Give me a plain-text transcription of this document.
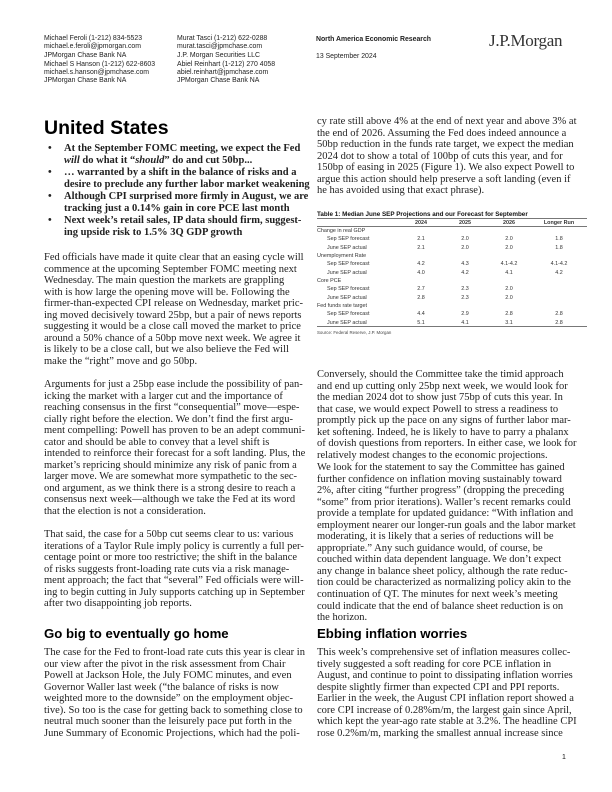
Michael Feroli (1-212) 834-5523
michael.e.feroli@jpmorgan.com
JPMorgan Chase Bank NA
Michael S Hanson (1-212) 622-8603
michael.s.hanson@jpmchase.com
JPMorgan Chase Bank NA
Murat Tasci (1-212) 622-0288
murat.tasci@jpmchase.com
J.P. Morgan Securities LLC
Abiel Reinhart (1-212) 270 4058
abiel.reinhart@jpmchase.com
JPMorgan Chase Bank NA
North America Economic Research
13 September 2024
J.P.Morgan
United States
• At the September FOMC meeting, we expect the Fed
will do what it “should” do and cut 50bp...
• … warranted by a shift in the balance of risks and a
desire to preclude any further labor market weakening
• Although CPI surprised more firmly in August, we are
tracking just a 0.14% gain in core PCE last month
• Next week’s retail sales, IP data should firm, suggest-
ing upside risk to 1.5% 3Q GDP growth
Fed officials have made it quite clear that an easing cycle will
commence at the upcoming September FOMC meeting next
Wednesday. The main question the markets are grappling
with is how large the opening move will be. Following the
firmer-than-expected CPI release on Wednesday, market pric-
ing moved decisively toward 25bp, but a pair of news reports
suggesting it would be a close call moved the market to price
around a 50% chance of a 50bp move next week. We agree it
is likely to be a close call, but we also believe the Fed will
make the “right” move and go 50bp.
Arguments for just a 25bp ease include the possibility of pan-
icking the market with a larger cut and the importance of
reaching consensus in the first “consequential” move—espe-
cially right before the election. We don’t find the first argu-
ment compelling: Powell has proven to be an adept communi-
cator and should be able to convey that a level shift is
intended to reinforce their forecast for a soft landing. Plus, the
market’s repricing should minimize any risk of panic from a
larger move. We are somewhat more sympathetic to the sec-
ond argument, as we think there is a strong desire to reach a
consensus next week—although we take the Fed at its word
that the election is not a consideration.
That said, the case for a 50bp cut seems clear to us: various
iterations of a Taylor Rule imply policy is currently a full per-
centage point or more too restrictive; the shift in the balance
of risks suggests front-loading rate cuts via a risk manage-
ment approach; the fact that “several” Fed officials were will-
ing to begin cutting in July supports catching up in September
after two disappointing job reports.
Go big to eventually go home
The case for the Fed to front-load rate cuts this year is clear in
our view after the pivot in the risk assessment from Chair
Powell at Jackson Hole, the July FOMC minutes, and even
Governor Waller last week (“the balance of risks is now
weighted more to the downside” on the employment objec-
tive). So too is the case for getting back to something close to
neutral much sooner than the leisurely pace put forth in the
June Summary of Economic Projections, which had the poli-
cy rate still above 4% at the end of next year and above 3% at
the end of 2026. Assuming the Fed does indeed announce a
50bp reduction in the funds rate target, we expect the median
2024 dot to show a total of 100bp of cuts this year, and for
150bp of easing in 2025 (Figure 1). We also expect Powell to
argue this action should help preserve a soft landing (even if
he has avoided using that exact phrase).
Table 1: Median June SEP Projections and our Forecast for September
	2024	2025	2026	Longer Run
Change in real GDP				
Sep SEP forecast	2.1	2.0	2.0	1.8
June SEP actual	2.1	2.0	2.0	1.8
Unemployment Rate				
Sep SEP forecast	4.2	4.3	4.1-4.2	4.1-4.2
June SEP actual	4.0	4.2	4.1	4.2
Core PCE				
Sep SEP forecast	2.7	2.3	2.0	
June SEP actual	2.8	2.3	2.0	
Fed funds rate target				
Sep SEP forecast	4.4	2.9	2.8	2.8
June SEP actual	5.1	4.1	3.1	2.8
Source: Federal Reserve, J.P. Morgan
Conversely, should the Committee take the timid approach
and end up cutting only 25bp next week, we would look for
the median 2024 dot to show just 75bp of cuts this year. In
that case, we would expect Powell to stress a readiness to
promptly pick up the pace on any signs of further labor mar-
ket softening. Indeed, he is likely to have to parry a phalanx
of dovish questions from reporters. In either case, we look for
relatively modest changes to the economic projections.
We look for the statement to say the Committee has gained
further confidence on inflation moving sustainably toward
2%, after citing “further progress” (dropping the preceding
“some” from prior iterations). Waller’s recent remarks could
provide a template for updated guidance: “With inflation and
employment nearer our longer-run goals and the labor market
moderating, it is likely that a series of reductions will be
appropriate.” Any such guidance would, of course, be
couched within data dependent language. We don’t expect
any change in balance sheet policy, although the rate reduc-
tion could be characterized as normalizing policy akin to the
continuation of QT. The minutes for next week’s meeting
could indicate that the end of balance sheet reduction is on
the horizon.
Ebbing inflation worries
This week’s comprehensive set of inflation measures collec-
tively suggested a soft reading for core PCE inflation in
August, and continue to point to dissipating inflation worries
despite slightly firmer than expected CPI and PPI reports.
Earlier in the week, the August CPI inflation report showed a
core CPI increase of 0.28%m/m, the largest gain since April,
which kept the year-ago rate stable at 3.2%. The headline CPI
rose 0.2%m/m, marking the smallest annual increase since
1
